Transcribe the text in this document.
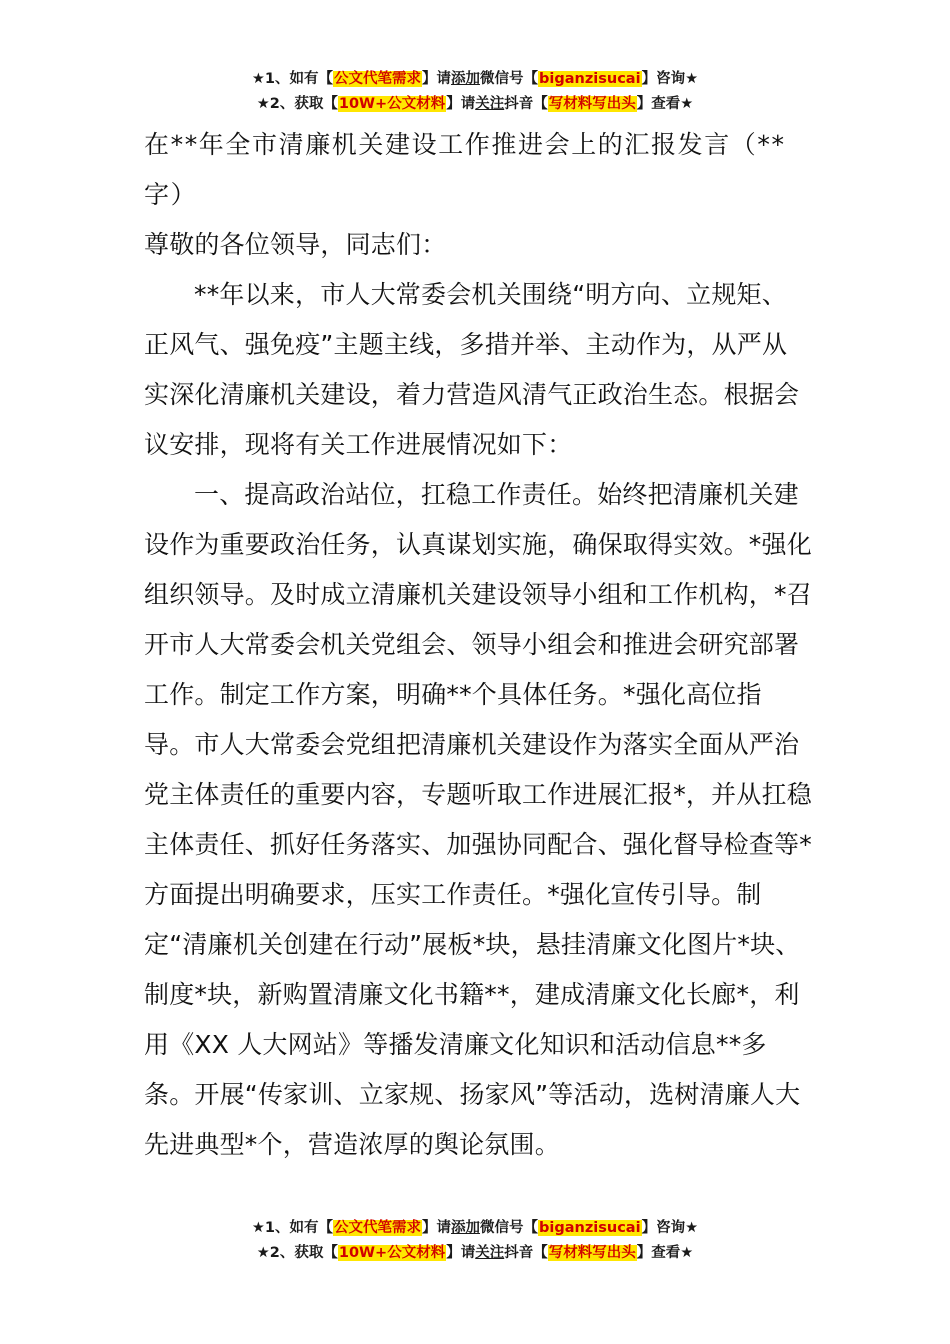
★1、如有【公文代笔需求】请添加微信号【biganzisucai】咨询★
★2、获取【10W+公文材料】请关注抖音【写材料写出头】查看★

在**年全市清廉机关建设工作推进会上的汇报发言（**字）

尊敬的各位领导，同志们：

**年以来，市人大常委会机关围绕“明方向、立规矩、正风气、强免疫”主题主线，多措并举、主动作为，从严从实深化清廉机关建设，着力营造风清气正政治生态。根据会议安排，现将有关工作进展情况如下：

一、提高政治站位，扛稳工作责任。始终把清廉机关建设作为重要政治任务，认真谋划实施，确保取得实效。*强化组织领导。及时成立清廉机关建设领导小组和工作机构，*召开市人大常委会机关党组会、领导小组会和推进会研究部署工作。制定工作方案，明确**个具体任务。*强化高位指导。市人大常委会党组把清廉机关建设作为落实全面从严治党主体责任的重要内容，专题听取工作进展汇报*，并从扛稳主体责任、抓好任务落实、加强协同配合、强化督导检查等*方面提出明确要求，压实工作责任。*强化宣传引导。制定“清廉机关创建在行动”展板*块，悬挂清廉文化图片*块、制度*块，新购置清廉文化书籍**，建成清廉文化长廊*，利用《XX 人大网站》等播发清廉文化知识和活动信息**多条。开展“传家训、立家规、扬家风”等活动，选树清廉人大先进典型*个，营造浓厚的舆论氛围。

★1、如有【公文代笔需求】请添加微信号【biganzisucai】咨询★
★2、获取【10W+公文材料】请关注抖音【写材料写出头】查看★
